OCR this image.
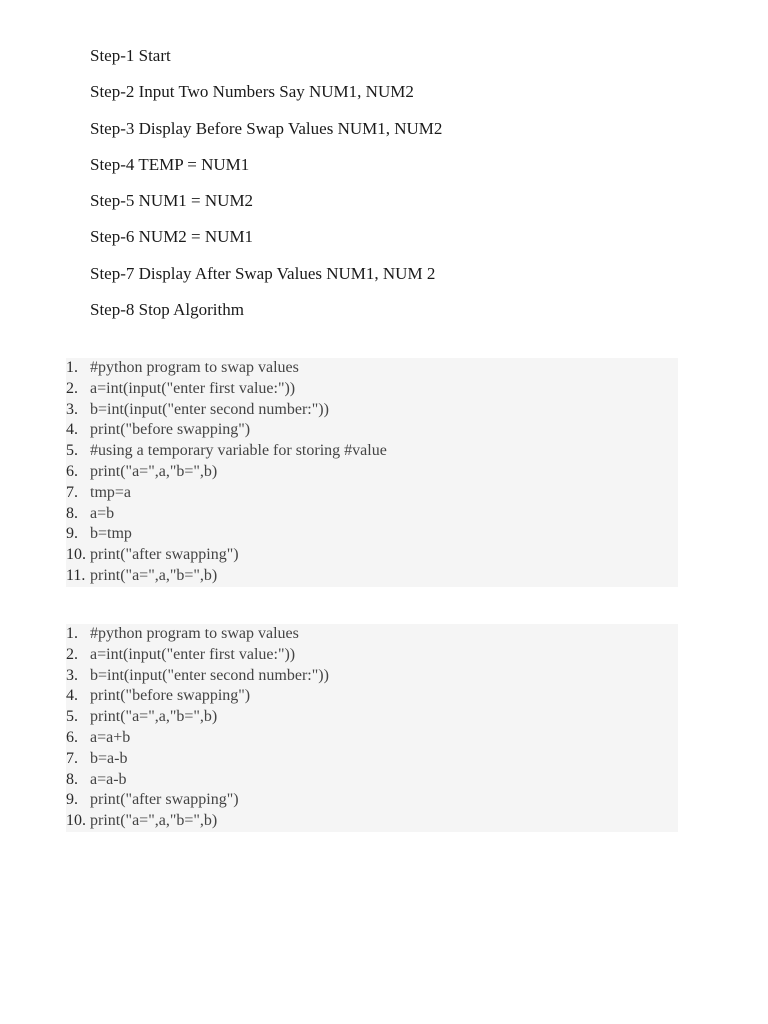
Step-1 Start
Step-2 Input Two Numbers Say NUM1, NUM2
Step-3 Display Before Swap Values NUM1, NUM2
Step-4 TEMP = NUM1
Step-5 NUM1 = NUM2
Step-6 NUM2 = NUM1
Step-7 Display After Swap Values NUM1, NUM 2
Step-8 Stop Algorithm
1. #python program to swap values
2. a=int(input("enter first value:"))
3. b=int(input("enter second number:"))
4. print("before swapping")
5. #using a temporary variable for storing #value
6. print("a=",a,"b=",b)
7. tmp=a
8. a=b
9. b=tmp
10. print("after swapping")
11. print("a=",a,"b=",b)
1. #python program to swap values
2. a=int(input("enter first value:"))
3. b=int(input("enter second number:"))
4. print("before swapping")
5. print("a=",a,"b=",b)
6. a=a+b
7. b=a-b
8. a=a-b
9. print("after swapping")
10. print("a=",a,"b=",b)
